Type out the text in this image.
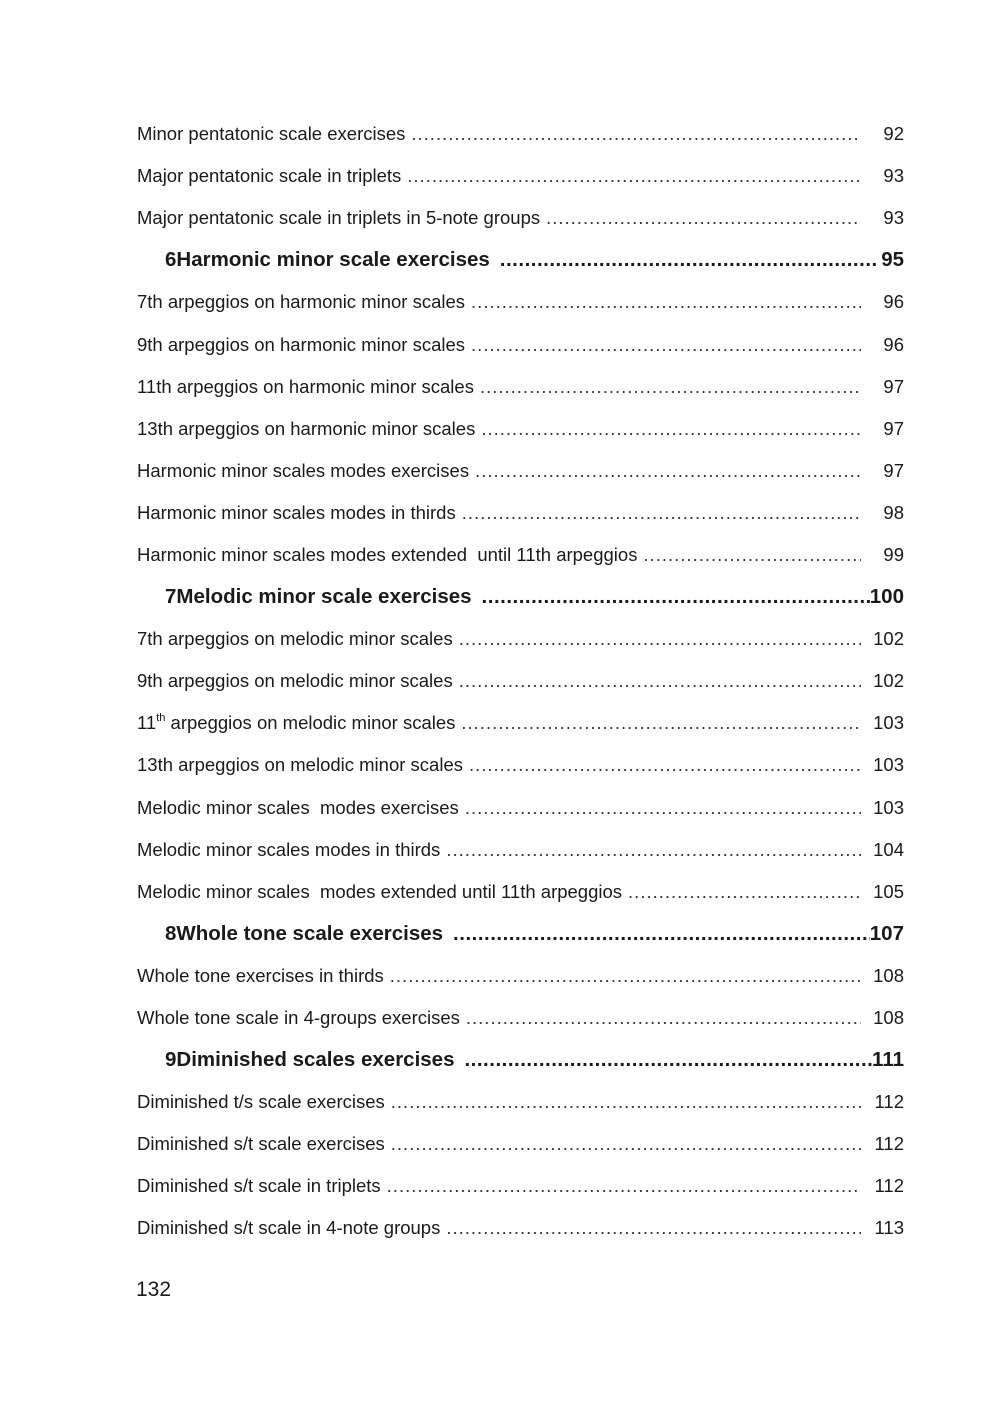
Minor pentatonic scale exercises .....	92
Major pentatonic scale in triplets .....	93
Major pentatonic scale in triplets in 5-note groups .....	93
6 Harmonic minor scale exercises .....	95
7th arpeggios on harmonic minor scales .....	96
9th arpeggios on harmonic minor scales .....	96
11th arpeggios on harmonic minor scales .....	97
13th arpeggios on harmonic minor scales .....	97
Harmonic minor scales modes exercises .....	97
Harmonic minor scales modes in thirds .....	98
Harmonic minor scales modes extended  until 11th arpeggios .....	99
7 Melodic minor scale exercises .....	100
7th arpeggios on melodic minor scales .....	102
9th arpeggios on melodic minor scales .....	102
11th arpeggios on melodic minor scales .....	103
13th arpeggios on melodic minor scales .....	103
Melodic minor scales  modes exercises .....	103
Melodic minor scales modes in thirds .....	104
Melodic minor scales  modes extended until 11th arpeggios .....	105
8 Whole tone scale exercises .....	107
Whole tone exercises in thirds .....	108
Whole tone scale in 4-groups exercises .....	108
9 Diminished scales exercises .....	111
Diminished t/s scale exercises .....	112
Diminished s/t scale exercises .....	112
Diminished s/t scale in triplets .....	112
Diminished s/t scale in 4-note groups .....	113
132
